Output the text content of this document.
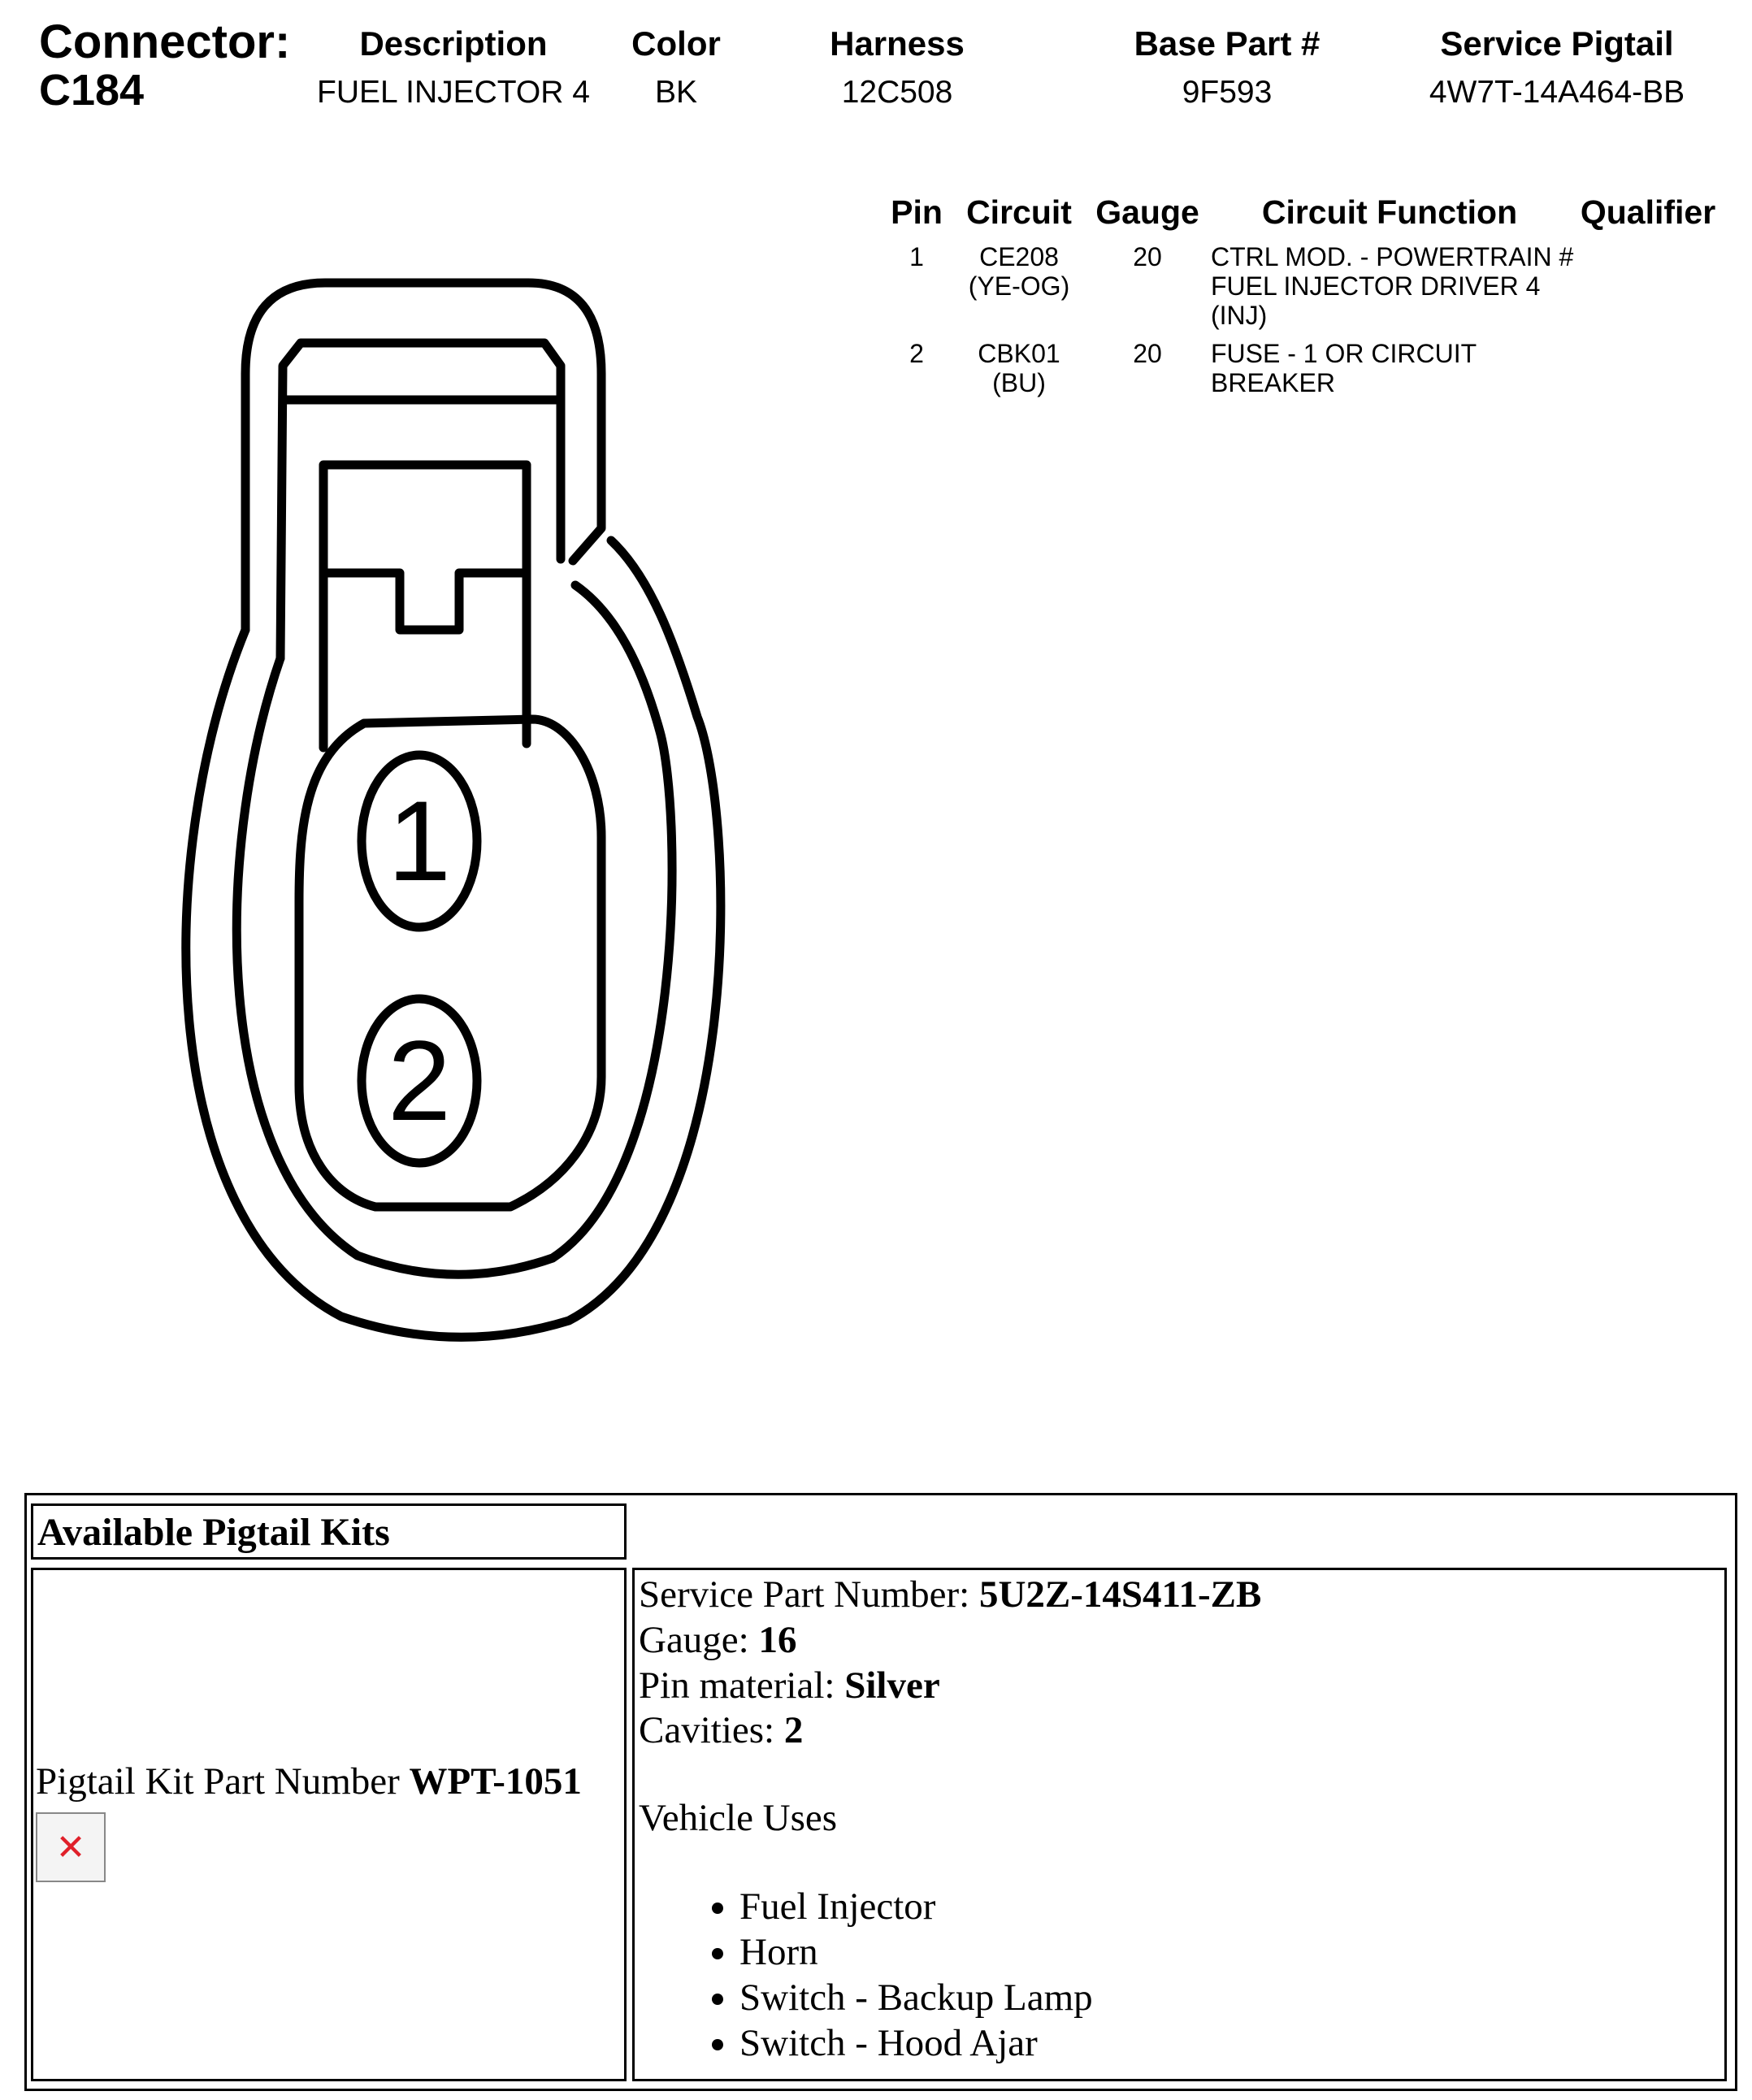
Connector:
C184
Description
FUEL INJECTOR 4
Color
BK
Harness
12C508
Base Part #
9F593
Service Pigtail
4W7T-14A464-BB
Pin Circuit Gauge Circuit Function Qualifier
1	CE208
(YE-OG)
20 CTRL MOD. - POWERTRAIN # FUEL INJECTOR DRIVER 4 (INJ)
2 CBK01
(BU)
20 FUSE - 1 OR CIRCUIT BREAKER
1
2
Available Pigtail Kits
Pigtail Kit Part Number WPT-1051
✕
Service Part Number: 5U2Z-14S411-ZB
Gauge: 16
Pin material: Silver
Cavities: 2
Vehicle Uses
• Fuel Injector
• Horn
• Switch - Backup Lamp
• Switch - Hood Ajar
